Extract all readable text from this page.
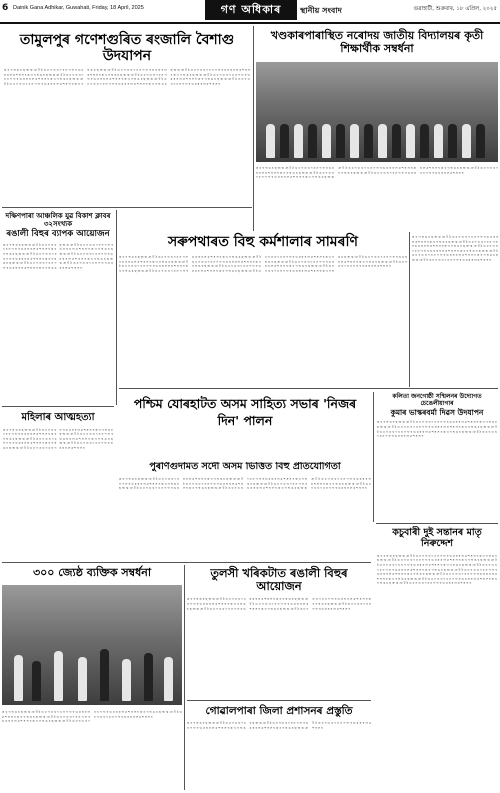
6 Dainik Gana Adhikar, Guwahati, Friday, 18 April, 2025	গণ অধিকাৰ	স্থানীয় সংবাদ	গুৱাহাটী, শুক্ৰবাৰ, ১৮ এপ্ৰিল, ২০২৫
তামুলপুৰ গণেশগুৰিত ৰংজালি বৈশাগু উদযাপন
ক খ গ ঘ ঙ চ ছ জ ঝ ঞ ট ঠ ড ঢ ণ ত থ দ ধ ন প ফ ব ভ ম য ৰ ল ৱ শ ষ স হ ক খ গ ঘ ঙ চ ছ জ ঝ ঞ ট ঠ ড ঢ ণ ত থ দ ধ ন প ফ ব ভ ম য ৰ ল ৱ শ ষ স হ ক খ গ ঘ ঙ চ ছ জ ঝ ঞ ট ঠ ড ঢ ণ ত থ দ ধ ন প ফ ব ভ ম য ৰ ল ৱ শ ষ স হ ক খ গ ঘ ঙ চ ছ জ ঝ ঞ ট ঠ ড ঢ ণ ত থ দ ধ ন প ফ ব ভ ম য ৰ ল ৱ শ ষ স হ ক খ গ ঘ ঙ চ ছ জ ঝ ঞ ট ঠ ড ঢ ণ ত থ দ ধ ন প ফ ব ভ ম য ৰ ল ৱ শ ষ স হ ক খ গ ঘ ঙ চ ছ জ ঝ ঞ ট ঠ ড ঢ ণ ত থ দ ধ ন প ফ ব ভ ম য ৰ ল ৱ শ ষ স হ ক খ গ ঘ ঙ চ ছ জ ঝ ঞ ট ঠ ড ঢ ণ ত থ দ ধ ন প ফ ব ভ ম য ৰ ল ৱ শ ষ স হ ক খ গ ঘ ঙ চ ছ জ ঝ ঞ ট ঠ ড ঢ ণ ত থ দ ধ ন প ফ ব ভ ম য ৰ ল ৱ শ ষ স হ ক খ গ ঘ ঙ চ ছ জ ঝ ঞ ট ঠ ড ঢ ণ ত থ দ ধ ন প ফ ব ভ ম য ৰ ল ৱ শ ষ স হ
খণ্ডকাৰপাৰাস্থিত নৰোদয় জাতীয় বিদ্যালয়ৰ কৃতী শিক্ষাৰ্থীক সম্বৰ্ধনা
ক খ গ ঘ ঙ চ ছ জ ঝ ঞ ট ঠ ড ঢ ণ ত থ দ ধ ন প ফ ব ভ ম য ৰ ল ৱ শ ষ স হ ক খ গ ঘ ঙ চ ছ জ ঝ ঞ ট ঠ ড ঢ ণ ত থ দ ধ ন প ফ ব ভ ম য ৰ ল ৱ শ ষ স হ ক খ গ ঘ ঙ চ ছ জ ঝ ঞ ট ঠ ড ঢ ণ ত থ দ ধ ন প ফ ব ভ ম য ৰ ল ৱ শ ষ স হ ক খ গ ঘ ঙ চ ছ জ ঝ ঞ ট ঠ ড ঢ ণ ত থ দ ধ ন প ফ ব ভ ম য ৰ ল ৱ শ ষ স হ ক খ গ ঘ ঙ চ ছ জ ঝ ঞ ট ঠ ড ঢ ণ ত থ দ ধ ন প ফ ব ভ ম য ৰ ল ৱ শ ষ স হ
দক্ষিণপাৰা আঞ্চলিক যুৱ বিকাশ ক্লাবৰ ৩২সংখ্যক
ৰঙালী বিহুৰ ব্যাপক আয়োজন
ক খ গ ঘ ঙ চ ছ জ ঝ ঞ ট ঠ ড ঢ ণ ত থ দ ধ ন প ফ ব ভ ম য ৰ ল ৱ শ ষ স হ ক খ গ ঘ ঙ চ ছ জ ঝ ঞ ট ঠ ড ঢ ণ ত থ দ ধ ন প ফ ব ভ ম য ৰ ল ৱ শ ষ স হ ক খ গ ঘ ঙ চ ছ জ ঝ ঞ ট ঠ ড ঢ ণ ত থ দ ধ ন প ফ ব ভ ম য ৰ ল ৱ শ ষ স হ ক খ গ ঘ ঙ চ ছ জ ঝ ঞ ট ঠ ড ঢ ণ ত থ দ ধ ন প ফ ব ভ ম য ৰ ল ৱ শ ষ স হ ক খ গ ঘ ঙ চ ছ জ ঝ ঞ ট ঠ ড ঢ ণ ত থ দ ধ ন প ফ ব ভ ম য ৰ ল ৱ শ ষ স হ ক খ গ ঘ ঙ চ ছ জ ঝ ঞ ট ঠ ড ঢ ণ ত থ দ ধ ন প ফ ব ভ ম য ৰ ল ৱ শ ষ স হ
সৰুপথাৰত বিহু কৰ্মশালাৰ সামৰণি
ক খ গ ঘ ঙ চ ছ জ ঝ ঞ ট ঠ ড ঢ ণ ত থ দ ধ ন প ফ ব ভ ম য ৰ ল ৱ শ ষ স হ ক খ গ ঘ ঙ চ ছ জ ঝ ঞ ট ঠ ড ঢ ণ ত থ দ ধ ন প ফ ব ভ ম য ৰ ল ৱ শ ষ স হ ক খ গ ঘ ঙ চ ছ জ ঝ ঞ ট ঠ ড ঢ ণ ত থ দ ধ ন প ফ ব ভ ম য ৰ ল ৱ শ ষ স হ ক খ গ ঘ ঙ চ ছ জ ঝ ঞ ট ঠ ড ঢ ণ ত থ দ ধ ন প ফ ব ভ ম য ৰ ল ৱ শ ষ স হ ক খ গ ঘ ঙ চ ছ জ ঝ ঞ ট ঠ ড ঢ ণ ত থ দ ধ ন প ফ ব ভ ম য ৰ ল ৱ শ ষ স হ ক খ গ ঘ ঙ চ ছ জ ঝ ঞ ট ঠ ড ঢ ণ ত থ দ ধ ন প ফ ব ভ ম য ৰ ল ৱ শ ষ স হ ক খ গ ঘ ঙ চ ছ জ ঝ ঞ ট ঠ ড ঢ ণ ত থ দ ধ ন প ফ ব ভ ম য ৰ ল ৱ শ ষ স হ ক খ গ ঘ ঙ চ ছ জ ঝ ঞ ট ঠ ড ঢ ণ ত থ দ ধ ন প ফ ব ভ ম য ৰ ল ৱ শ ষ স হ ক খ গ ঘ ঙ চ ছ জ ঝ ঞ ট ঠ ড ঢ ণ ত থ দ ধ ন প ফ ব ভ ম য ৰ ল ৱ শ ষ স হ ক খ গ ঘ ঙ চ ছ জ ঝ ঞ ট ঠ ড ঢ ণ ত থ দ ধ ন প ফ ব ভ ম য ৰ ল ৱ শ ষ স হ
ক খ গ ঘ ঙ চ ছ জ ঝ ঞ ট ঠ ড ঢ ণ ত থ দ ধ ন প ফ ব ভ ম য ৰ ল ৱ শ ষ স হ ক খ গ ঘ ঙ চ ছ জ ঝ ঞ ট ঠ ড ঢ ণ ত থ দ ধ ন প ফ ব ভ ম য ৰ ল ৱ শ ষ স হ ক খ গ ঘ ঙ চ ছ জ ঝ ঞ ট ঠ ড ঢ ণ ত থ দ ধ ন প ফ ব ভ ম য ৰ ল ৱ শ ষ স হ ক খ গ ঘ ঙ চ ছ জ ঝ ঞ ট ঠ ড ঢ ণ ত থ দ ধ ন প ফ ব ভ ম য ৰ ল ৱ শ ষ স হ ক খ গ ঘ ঙ চ ছ জ ঝ ঞ ট ঠ ড ঢ ণ ত থ দ ধ ন প ফ ব ভ ম য ৰ ল ৱ শ ষ স হ
পশ্চিম যোৰহাটত অসম সাহিত্য সভাৰ 'নিজৰ দিন' পালন
কলিতা জনগোষ্ঠী সন্মিলনৰ উদ্যোগত চেঙেলীয়াগাৰ
কুমাৰ ভাস্কৰবৰ্মা দিৱস উদযাপন
ক খ গ ঘ ঙ চ ছ জ ঝ ঞ ট ঠ ড ঢ ণ ত থ দ ধ ন প ফ ব ভ ম য ৰ ল ৱ শ ষ স হ ক খ গ ঘ ঙ চ ছ জ ঝ ঞ ট ঠ ড ঢ ণ ত থ দ ধ ন প ফ ব ভ ম য ৰ ল ৱ শ ষ স হ ক খ গ ঘ ঙ চ ছ জ ঝ ঞ ট ঠ ড ঢ ণ ত থ দ ধ ন প ফ ব ভ ম য ৰ ল ৱ শ ষ স হ ক খ গ ঘ ঙ চ ছ জ ঝ ঞ ট ঠ ড ঢ ণ ত থ দ ধ ন প ফ ব ভ ম য ৰ ল ৱ শ ষ স হ
মহিলাৰ আত্মহত্যা
ক খ গ ঘ ঙ চ ছ জ ঝ ঞ ট ঠ ড ঢ ণ ত থ দ ধ ন প ফ ব ভ ম য ৰ ল ৱ শ ষ স হ ক খ গ ঘ ঙ চ ছ জ ঝ ঞ ট ঠ ড ঢ ণ ত থ দ ধ ন প ফ ব ভ ম য ৰ ল ৱ শ ষ স হ ক খ গ ঘ ঙ চ ছ জ ঝ ঞ ট ঠ ড ঢ ণ ত থ দ ধ ন প ফ ব ভ ম য ৰ ল ৱ শ ষ স হ ক খ গ ঘ ঙ চ ছ জ ঝ ঞ ট ঠ ড ঢ ণ ত থ দ ধ ন প ফ ব ভ ম য ৰ ল ৱ শ ষ স হ ক খ গ ঘ ঙ চ ছ জ ঝ ঞ ট ঠ ড ঢ ণ ত থ দ ধ ন প ফ ব ভ ম য ৰ ল ৱ শ ষ স হ
পুৰণিগুদামত সদৌ অসম ভিত্তিত বিহু প্ৰতিযোগিতা
ক খ গ ঘ ঙ চ ছ জ ঝ ঞ ট ঠ ড ঢ ণ ত থ দ ধ ন প ফ ব ভ ম য ৰ ল ৱ শ ষ স হ ক খ গ ঘ ঙ চ ছ জ ঝ ঞ ট ঠ ড ঢ ণ ত থ দ ধ ন প ফ ব ভ ম য ৰ ল ৱ শ ষ স হ ক খ গ ঘ ঙ চ ছ জ ঝ ঞ ট ঠ ড ঢ ণ ত থ দ ধ ন প ফ ব ভ ম য ৰ ল ৱ শ ষ স হ ক খ গ ঘ ঙ চ ছ জ ঝ ঞ ট ঠ ড ঢ ণ ত থ দ ধ ন প ফ ব ভ ম য ৰ ল ৱ শ ষ স হ ক খ গ ঘ ঙ চ ছ জ ঝ ঞ ট ঠ ড ঢ ণ ত থ দ ধ ন প ফ ব ভ ম য ৰ ল ৱ শ ষ স হ ক খ গ ঘ ঙ চ ছ জ ঝ ঞ ট ঠ ড ঢ ণ ত থ দ ধ ন প ফ ব ভ ম য ৰ ল ৱ শ ষ স হ ক খ গ ঘ ঙ চ ছ জ ঝ ঞ ট ঠ ড ঢ ণ ত থ দ ধ ন প ফ ব ভ ম য ৰ ল ৱ শ ষ স হ
কচুবাৰী দুই সন্তানৰ মাতৃ নিৰুদ্দেশ
ক খ গ ঘ ঙ চ ছ জ ঝ ঞ ট ঠ ড ঢ ণ ত থ দ ধ ন প ফ ব ভ ম য ৰ ল ৱ শ ষ স হ ক খ গ ঘ ঙ চ ছ জ ঝ ঞ ট ঠ ড ঢ ণ ত থ দ ধ ন প ফ ব ভ ম য ৰ ল ৱ শ ষ স হ ক খ গ ঘ ঙ চ ছ জ ঝ ঞ ট ঠ ড ঢ ণ ত থ দ ধ ন প ফ ব ভ ম য ৰ ল ৱ শ ষ স হ ক খ গ ঘ ঙ চ ছ জ ঝ ঞ ট ঠ ড ঢ ণ ত থ দ ধ ন প ফ ব ভ ম য ৰ ল ৱ শ ষ স হ ক খ গ ঘ ঙ চ ছ জ ঝ ঞ ট ঠ ড ঢ ণ ত থ দ ধ ন প ফ ব ভ ম য ৰ ল ৱ শ ষ স হ ক খ গ ঘ ঙ চ ছ জ ঝ ঞ ট ঠ ড ঢ ণ ত থ দ ধ ন প ফ ব ভ ম য ৰ ল ৱ শ ষ স হ ক খ গ ঘ ঙ চ ছ জ ঝ ঞ ট ঠ ড ঢ ণ ত থ দ ধ ন প ফ ব ভ ম য ৰ ল ৱ শ ষ স হ ক খ গ ঘ ঙ চ ছ জ ঝ ঞ ট ঠ ড ঢ ণ ত থ দ ধ ন প ফ ব ভ ম য ৰ ল ৱ শ ষ স হ
৩০০ জ্যেষ্ঠ ব্যক্তিক সম্বৰ্ধনা
ক খ গ ঘ ঙ চ ছ জ ঝ ঞ ট ঠ ড ঢ ণ ত থ দ ধ ন প ফ ব ভ ম য ৰ ল ৱ শ ষ স হ ক খ গ ঘ ঙ চ ছ জ ঝ ঞ ট ঠ ড ঢ ণ ত থ দ ধ ন প ফ ব ভ ম য ৰ ল ৱ শ ষ স হ ক খ গ ঘ ঙ চ ছ জ ঝ ঞ ট ঠ ড ঢ ণ ত থ দ ধ ন প ফ ব ভ ম য ৰ ল ৱ শ ষ স হ ক খ গ ঘ ঙ চ ছ জ ঝ ঞ ট ঠ ড ঢ ণ ত থ দ ধ ন প ফ ব ভ ম য ৰ ল ৱ শ ষ স হ
তুলসী খৰিকটাত ৰঙালী বিহুৰ আয়োজন
ক খ গ ঘ ঙ চ ছ জ ঝ ঞ ট ঠ ড ঢ ণ ত থ দ ধ ন প ফ ব ভ ম য ৰ ল ৱ শ ষ স হ ক খ গ ঘ ঙ চ ছ জ ঝ ঞ ট ঠ ড ঢ ণ ত থ দ ধ ন প ফ ব ভ ম য ৰ ল ৱ শ ষ স হ ক খ গ ঘ ঙ চ ছ জ ঝ ঞ ট ঠ ড ঢ ণ ত থ দ ধ ন প ফ ব ভ ম য ৰ ল ৱ শ ষ স হ ক খ গ ঘ ঙ চ ছ জ ঝ ঞ ট ঠ ড ঢ ণ ত থ দ ধ ন প ফ ব ভ ম য ৰ ল ৱ শ ষ স হ ক খ গ ঘ ঙ চ ছ জ ঝ ঞ ট ঠ ড ঢ ণ ত থ দ ধ ন প ফ ব ভ ম য ৰ ল ৱ শ ষ স হ
গোৱালপাৰা জিলা প্ৰশাসনৰ প্ৰস্তুতি
ক খ গ ঘ ঙ চ ছ জ ঝ ঞ ট ঠ ড ঢ ণ ত থ দ ধ ন প ফ ব ভ ম য ৰ ল ৱ শ ষ স হ ক খ গ ঘ ঙ চ ছ জ ঝ ঞ ট ঠ ড ঢ ণ ত থ দ ধ ন প ফ ব ভ ম য ৰ ল ৱ শ ষ স হ ক খ গ ঘ ঙ চ ছ জ ঝ ঞ ট ঠ ড ঢ ণ ত থ দ ধ ন প ফ ব ভ ম য ৰ ল ৱ শ ষ স হ
